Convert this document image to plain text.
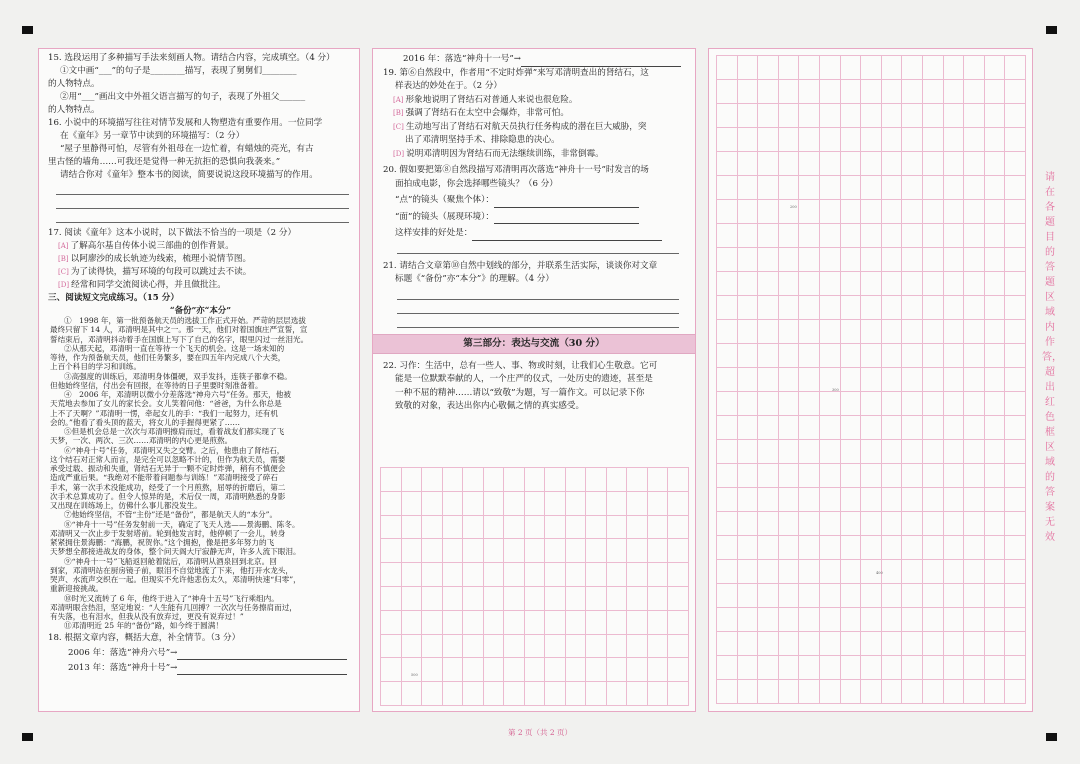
15. 选段运用了多种描写手法来刻画人物。请结合内容，完成填空。（4 分）
①文中画“___”的句子是________描写，表现了舅舅们________
的人物特点。
②用“___”画出文中外祖父语言描写的句子，表现了外祖父______
的人物特点。
16. 小说中的环境描写往往对情节发展和人物塑造有重要作用。一位同学
在《童年》另一章节中读到的环境描写：（2 分）
“屋子里静得可怕，尽管有外祖母在一边忙着，有蜡烛的亮光，有古
里古怪的墙角……可我还是觉得一种无抗拒的恐惧向我袭来。”
请结合你对《童年》整本书的阅读，简要说说这段环境描写的作用。
17. 阅读《童年》这本小说时，以下做法不恰当的一项是（2 分）
[A] 了解高尔基自传体小说三部曲的创作背景。
[B] 以阿廖沙的成长轨迹为线索，梳理小说情节图。
[C] 为了读得快，描写环境的句段可以跳过去不读。
[D] 经常和同学交流阅读心得，并且做批注。
三、阅读短文完成练习。（15 分）
“备份”亦“本分”
①　1998 年，第一批预备航天员的选拔工作正式开始。严苛的层层选拔
最终只留下 14 人，邓清明是其中之一。那一天，他们对着国旗庄严宣誓，宣
誓结束后，邓清明抖动着手在国旗上写下了自己的名字，眼里闪过一丝泪光。
②从那天起，邓清明一直在等待一个飞天的机会。这是一场未知的
等待，作为预备航天员，他们任务繁多，要在四五年内完成八个大类，
上百个科目的学习和训练。
③高强度的训练后，邓清明身体僵硬，双手发抖，连筷子都拿不稳。
但他始终坚信，付出会有回报，在等待的日子里要时刻准备着。
④　2006 年，邓清明以微小分差落选“神舟六号”任务。那天，他被
天荒地去参加了女儿的家长会。女儿笑着问他：“爸爸，为什么你总是
上不了天啊？”邓清明一愣，牵起女儿的手：“我们一起努力，还有机
会的。”他看了看头顶的蓝天，将女儿的手握得更紧了……
⑤但是机会总是一次次与邓清明擦肩而过，看着战友们都实现了飞
天梦，一次、两次、三次……邓清明的内心更是煎熬。
⑥“神舟十号”任务，邓清明又失之交臂。之后，他患由了肾结石，
这个结石对正常人而言，是完全可以忽略不计的，但作为航天员，需要
承受过载、振动和失重，肾结石无异于一颗不定时炸弹，稍有不慎便会
造成严重后果。“我绝对不能带着问题参与训练！”邓清明接受了碎石
手术，第一次手术没能成功，经受了一个月煎熬，屈辱的折磨后，第二
次手术总算成功了。但令人惊异的是，术后仅一周，邓清明熟悉的身影
又出现在训练场上，仿佛什么事儿都没发生。
⑦他始终坚信，不管“主份”还是“备份”，都是航天人的“本分”。
⑧“神舟十一号”任务发射前一天，确定了飞天人选——景海鹏、陈冬。
邓清明又一次止步于发射塔前。轮到他发言时，他停顿了一会儿，转身
紧紧拥住景海鹏：“海鹏，祝贺你。”这个拥抱，像是把多年努力的飞
天梦想全都接进战友的身体，整个问天阁大厅寂静无声，许多人流下眼泪。
⑨“神舟十一号”飞船返回舱着陆后，邓清明从酒泉回到北京。回
到家，邓清明站在厨房镜子前，眼泪不自觉地流了下来，他打开水龙头，
哭声、水流声交织在一起。但现实不允许他悲伤太久，邓清明快速“归零”，
重新迎接挑战。
⑩时光又流转了 6 年，他终于进入了“神舟十五号”飞行乘组内。
邓清明眼含热泪，坚定地说：“人生能有几回搏？一次次与任务擦肩而过，
有失落，也有泪水，但我从没有放弃过，更没有说弃过！”
⑪邓清明近 25 年的“备份”路，如今终于圆满！
18. 根据文章内容，概括大意，补全情节。（3 分）
2006 年：落选“神舟六号”→
2013 年：落选“神舟十号”→
2016 年：落选“神舟十一号”→
19. 第⑥自然段中，作者用“不定时炸弹”来写邓清明查出的肾结石，这
样表达的妙处在于。（2 分）
[A] 形象地说明了肾结石对普通人来说也很危险。
[B] 强调了肾结石在太空中会爆炸，非常可怕。
[C] 生动地写出了肾结石对航天员执行任务构成的潜在巨大威胁，突
出了邓清明坚持手术、排除隐患的决心。
[D] 说明邓清明因为肾结石而无法继续训练，非常倒霉。
20. 假如要把第⑧自然段描写邓清明再次落选“神舟十一号”时发言的场
面拍成电影，你会选择哪些镜头？（6 分）
“点”的镜头（聚焦个体）：
“面”的镜头（展现环境）：
这样安排的好处是：
21. 请结合文章第⑩自然中划线的部分，并联系生活实际，谈谈你对文章
标题《“备份”亦“本分”》的理解。（4 分）
第三部分：表达与交流（30 分）
22. 习作：生活中，总有一些人、事、物或时刻，让我们心生敬意。它可
能是一位默默奉献的人，一个庄严的仪式，一处历史的遗迹，甚至是
一种不屈的精神……请以“致敬”为题，写一篇作文。可以记录下你
致敬的对象，表达出你内心敬佩之情的真实感受。
500
200
300
400
请在各题目的答题区域内作答，超出红色框区域的答案无效
第 2 页（共 2 页）
